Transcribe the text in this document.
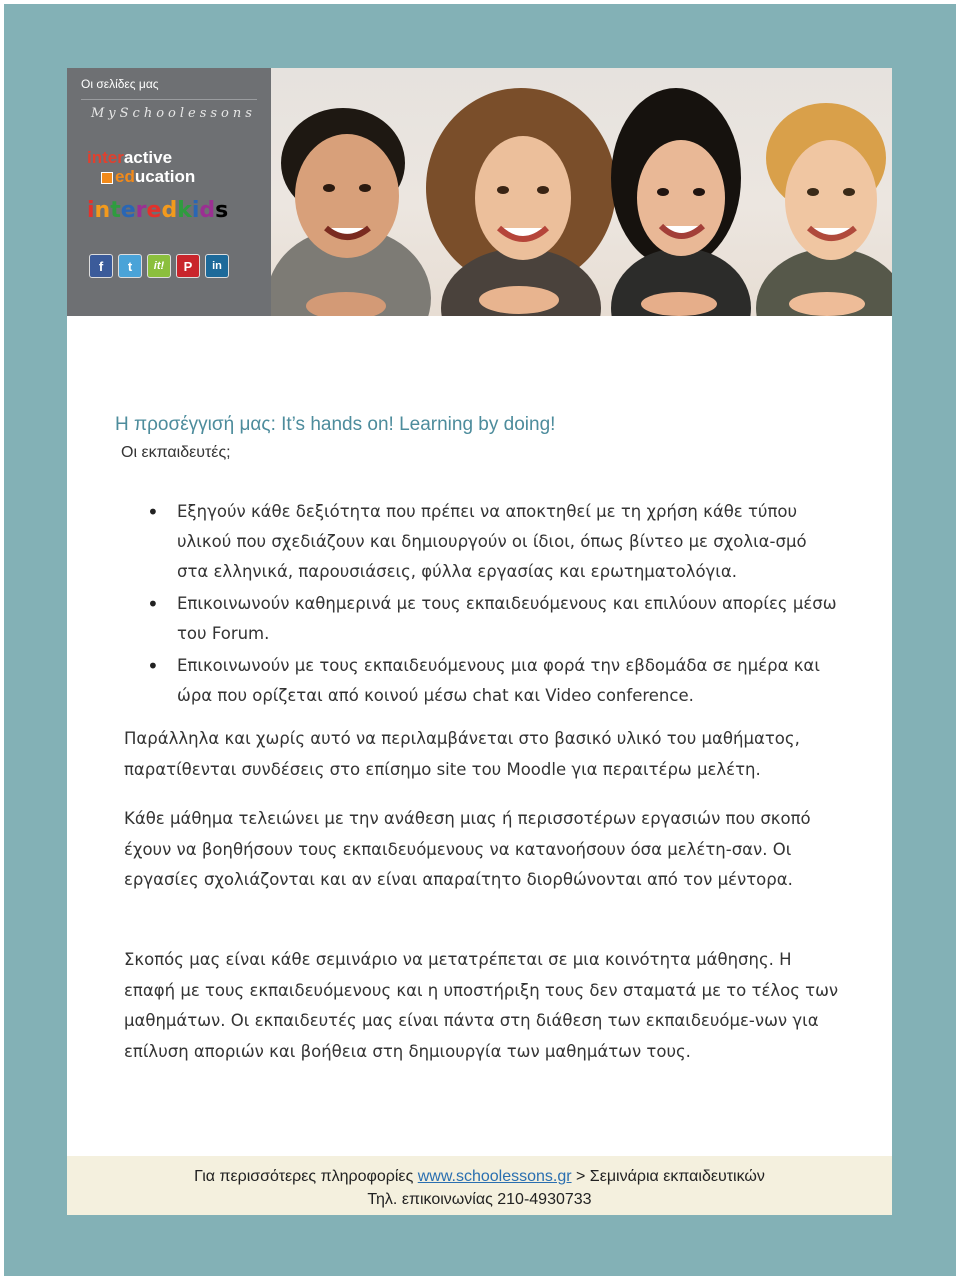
Οι σελίδες μας
MySchoolessons
interactive
education
interedkids
f t it! P in
Η προσέγγισή μας: It’s hands on! Learning by doing!
Οι εκπαιδευτές;
• Εξηγούν κάθε δεξιότητα που πρέπει να αποκτηθεί με τη χρήση κάθε τύπου υλικού που σχεδιάζουν και δημιουργούν οι ίδιοι, όπως βίντεο με σχολια-σμό στα ελληνικά, παρουσιάσεις, φύλλα εργασίας και ερωτηματολόγια.
• Επικοινωνούν καθημερινά με τους εκπαιδευόμενους και επιλύουν απορίες μέσω του Forum.
• Επικοινωνούν με τους εκπαιδευόμενους μια φορά την εβδομάδα σε ημέρα και ώρα που ορίζεται από κοινού μέσω chat και Video conference.

Παράλληλα και χωρίς αυτό να περιλαμβάνεται στο βασικό υλικό του μαθήματος, παρατίθενται συνδέσεις στο επίσημο site του Moodle για περαιτέρω μελέτη.

Κάθε μάθημα τελειώνει με την ανάθεση μιας ή περισσοτέρων εργασιών που σκοπό έχουν να βοηθήσουν τους εκπαιδευόμενους να κατανοήσουν όσα μελέτη-σαν. Οι εργασίες σχολιάζονται και αν είναι απαραίτητο διορθώνονται από τον μέντορα.

Σκοπός μας είναι κάθε σεμινάριο να μετατρέπεται σε μια κοινότητα μάθησης. Η επαφή με τους εκπαιδευόμενους και η υποστήριξη τους δεν σταματά με το τέλος των μαθημάτων. Οι εκπαιδευτές μας είναι πάντα στη διάθεση των εκπαιδευόμε-νων για επίλυση αποριών και βοήθεια στη δημιουργία των μαθημάτων τους.

Για περισσότερες πληροφορίες www.schoolessons.gr > Σεμινάρια εκπαιδευτικών
Τηλ. επικοινωνίας 210-4930733
